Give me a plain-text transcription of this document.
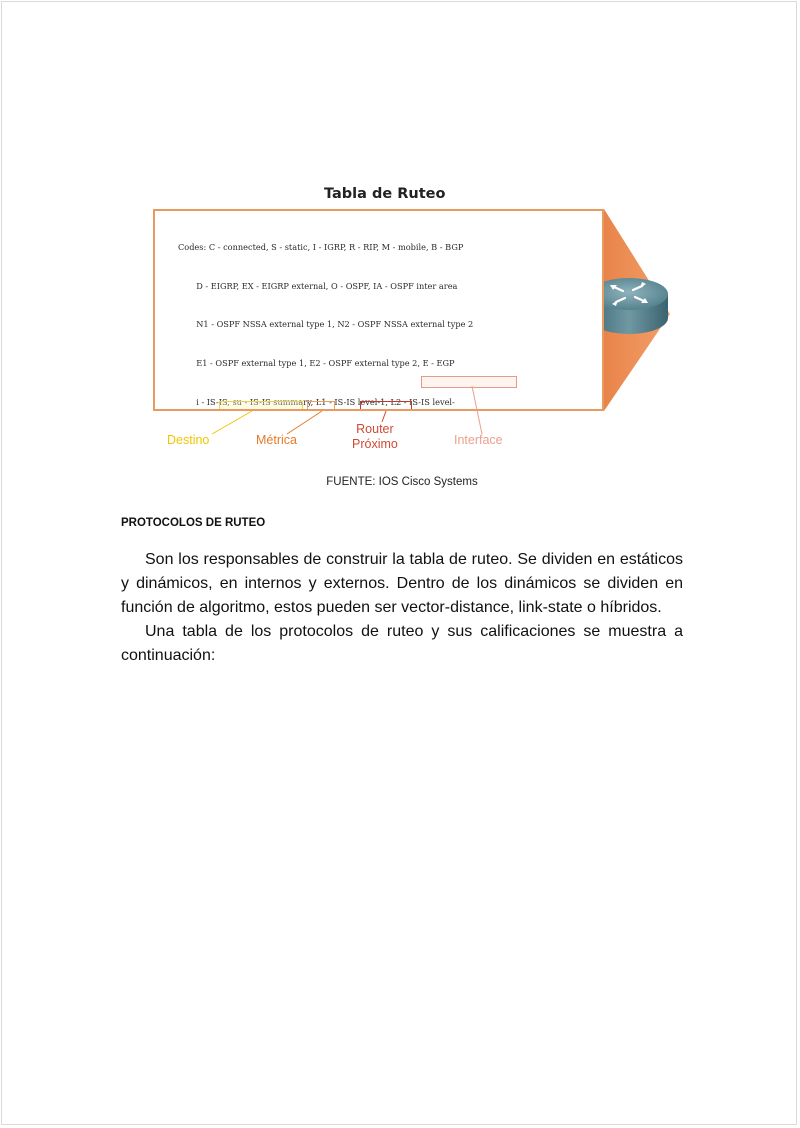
Tabla de Ruteo

Codes: C - connected, S - static, I - IGRP, R - RIP, M - mobile, B - BGP

D - EIGRP, EX - EIGRP external, O - OSPF, IA - OSPF inter area

N1 - OSPF NSSA external type 1, N2 - OSPF NSSA external type 2

E1 - OSPF external type 1, E2 - OSPF external type 2, E - EGP

i - IS-IS, su - IS-IS summary, L1 - IS-IS level-1, L2 - IS-IS level-

Destino	Métrica
Router
Próximo	Interface
FUENTE: IOS Cisco Systems
PROTOCOLOS DE RUTEO

Son los responsables de construir la tabla de ruteo. Se dividen en estáticos y dinámicos, en internos y externos. Dentro de los dinámicos se dividen en función de algoritmo, estos pueden ser vector-distance, link-state o híbridos.

Una tabla de los protocolos de ruteo y sus calificaciones se muestra a continuación:
